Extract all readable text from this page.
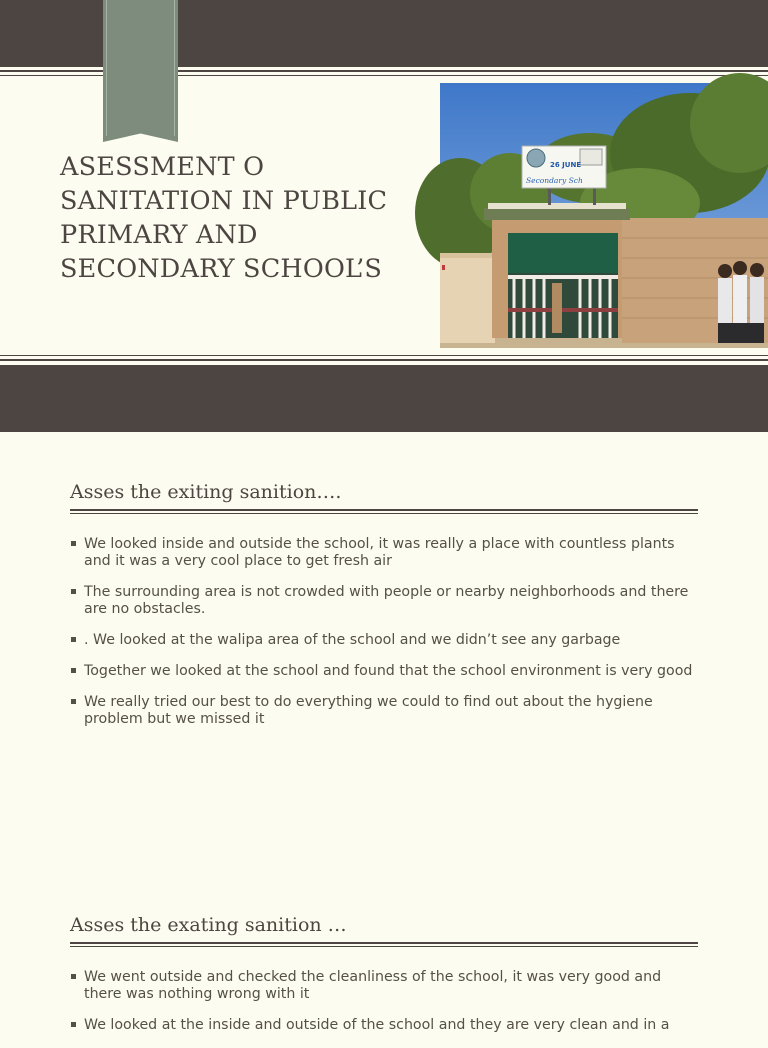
ASESSMENT O SANITATION IN PUBLIC PRIMARY AND SECONDARY SCHOOL’S
26 JUNE
Secondary Sch
Asses the exiting sanition….
We looked inside and outside the school, it was really a place with countless plants and it was a very cool place to get fresh air
The surrounding area is not crowded with people or nearby neighborhoods and there are no obstacles.
. We looked at the walipa area of the school and we didn’t see any garbage
Together we looked at the school and found that the school environment is very good
We really tried our best to do everything we could to find out about the hygiene problem but we missed it
Asses the exating sanition …
We went outside and checked the cleanliness of the school, it was very good and there was nothing wrong with it
We looked at the inside and outside of the school and they are very clean and in a
